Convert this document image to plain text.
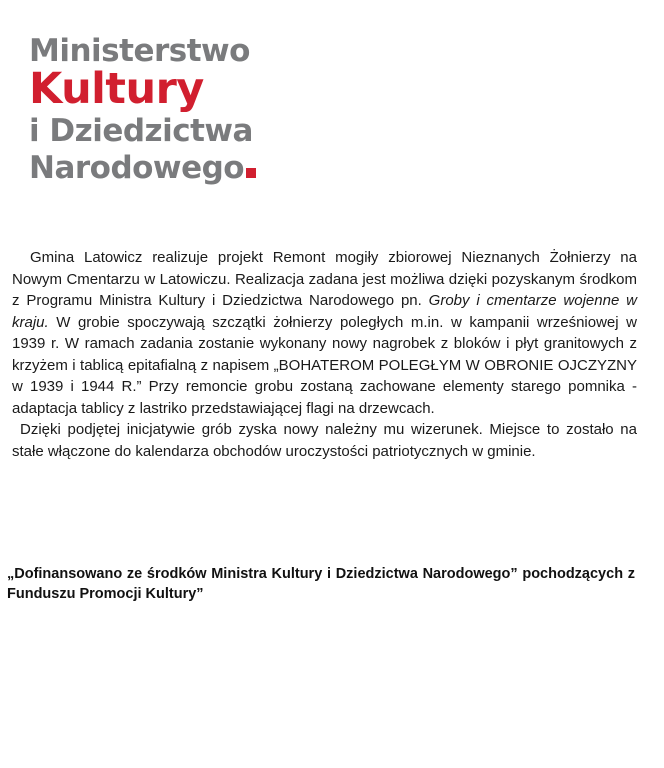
Ministerstwo
Kultury
i Dziedzictwa
Narodowego

Gmina Latowicz realizuje projekt Remont mogiły zbiorowej Nieznanych Żołnierzy na Nowym Cmentarzu w Latowiczu. Realizacja zadana jest możliwa dzięki pozyskanym środkom z Programu Ministra Kultury i Dziedzictwa Narodowego pn. Groby i cmentarze wojenne w kraju. W grobie spoczywają szczątki żołnierzy poległych m.in. w kampanii wrześniowej w 1939 r. W ramach zadania zostanie wykonany nowy nagrobek z bloków i płyt granitowych z krzyżem i tablicą epitafialną z napisem „BOHATEROM POLEGŁYM W OBRONIE OJCZYZNY w 1939 i 1944 R.” Przy remoncie grobu zostaną zachowane elementy starego pomnika - adaptacja tablicy z lastriko przedstawiającej flagi na drzewcach.

Dzięki podjętej inicjatywie grób zyska nowy należny mu wizerunek. Miejsce to zostało na stałe włączone do kalendarza obchodów uroczystości patriotycznych w gminie.

„Dofinansowano ze środków Ministra Kultury i Dziedzictwa Narodowego” pochodzących z Funduszu Promocji Kultury”
